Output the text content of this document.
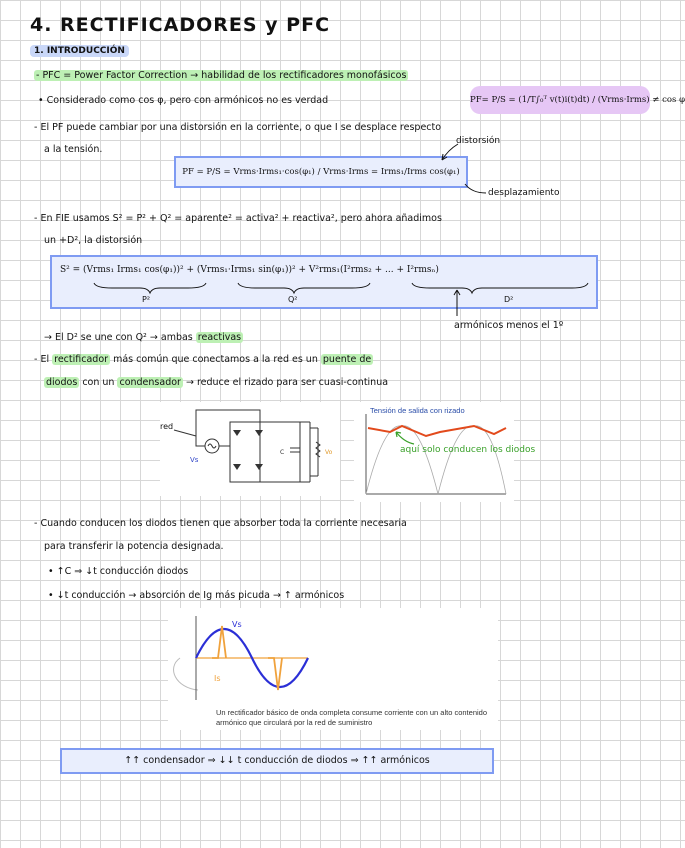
4. RECTIFICADORES y PFC
1. INTRODUCCIÓN
- PFC = Power Factor Correction → habilidad de los rectificadores monofásicos
• Considerado como cos φ, pero con armónicos no es verdad	PF= P/S = (1/T∫₀ᵀ v(t)i(t)dt) / (Vrms·Irms) ≠ cos φ
- El PF puede cambiar por una distorsión en la corriente, o que I se desplace respecto
a la tensión.
distorsión
PF = P/S = Vrms·Irms₁·cos(φ₁) / Vrms·Irms = Irms₁/Irms cos(φ₁)
desplazamiento
- En FIE usamos S² = P² + Q² = aparente² = activa² + reactiva², pero ahora añadimos
un +D², la distorsión
S² = (Vrms₁ Irms₁ cos(φ₁))² + (Vrms₁·Irms₁ sin(φ₁))² + V²rms₁(I²rms₂ + ... + I²rmsₙ)
P²	Q²	D²
armónicos menos el 1º
→ El D² se une con Q² → ambas reactivas
- El rectificador más común que conectamos a la red es un puente de
diodos con un condensador → reduce el rizado para ser cuasi-continua
C	Vo
red
Vs
Tensión de salida con rizado
aquí solo conducen los diodos
- Cuando conducen los diodos tienen que absorber toda la corriente necesaria
para transferir la potencia designada.
• ↑C ⇒ ↓t conducción diodos
• ↓t conducción → absorción de Ig más picuda → ↑ armónicos
Vs
Is
Un rectificador básico de onda completa consume corriente con un alto contenido armónico que circulará por la red de suministro
↑↑ condensador ⇒ ↓↓ t conducción de diodos ⇒ ↑↑ armónicos
